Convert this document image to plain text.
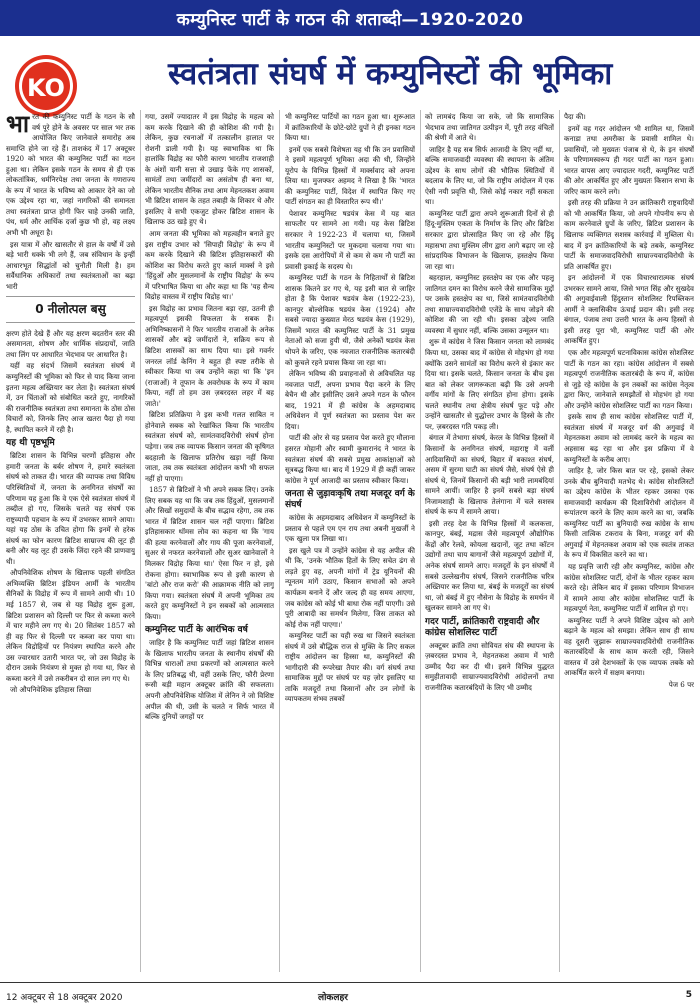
कम्युनिस्ट पार्टी के गठन की शताब्दी—1920-2020
KO	स्वतंत्रता संघर्ष में कम्युनिस्टों की भूमिका

भारत की कम्युनिस्ट पार्टी के गठन के सौ वर्ष पूरे होने के अवसर पर साल भर तक आयोजित किए जानेवाले समारोह अब समाप्ति होने जा रहे हैं। ताशकंद में 17 अक्टूबर 1920 को भारत की कम्युनिस्ट पार्टी का गठन हुआ था। लेकिन इसके गठन के समय से ही एक लोकतांत्रिक, धर्मनिरपेक्ष तथा जनता के गणराज्य के रूप में भारत के भविष्य को आकार देने का जो एक उद्देश्य रहा था, जहां नागरिकों की समानता तथा स्वतंत्रता प्राप्त होगी फिर चाहे उनकी जाति, पंथ, धर्म और आर्थिक दर्जा कुछ भी हो, वह लक्ष्य अभी भी अधूरा है।

इस यात्रा में और खासतौर से हाल के वर्षों में उसे बड़े भारी धक्के भी लगे हैं, जब संविधान के इन्हीं आधारभूत सिद्धांतों को चुनौती मिली है। हम सर्वैधानिक अधिकारों तथा स्वतंत्रताओं का बढ़ा भारी

0 नीलोत्पल बसु

क्षरण होते देखे हैं और यह क्षरण बदतरीन स्तर की असमानता, शोषण और धार्मिक संप्रदायों, जाति तथा लिंग पर आधारित भेदभाव पर आधारित है।

यहीं वह संदर्भ जिसमें स्वतंत्रता संघर्ष में कम्युनिस्टों की भूमिका को फिर से याद किया जाना इतना महत्व अख्तियार कर लेता है। स्वतंत्रता संघर्ष में, उन चिंताओं को संबोधित करते हुए, नागरिकों की राजनीतिक स्वतंत्रता तथा समानता के ठोस ठोस विचारों को, जिनके लिए आज खतरा पैदा हो गया है, स्थापित करने में रही है।

यह थी पृष्ठभूमि

ब्रिटिश शासन के विभिन्न चरणों इतिहास और हमारी जनता के बर्बर शोषण ने, हमारे स्वतंत्रता संघर्ष को ताकत दी। भारत की व्यापक तथा विविध परिस्थितियों में, जनता के अनगिनत संघर्षों का परिणाम यह हुआ कि वे एक ऐसे स्वतंत्रता संघर्ष में तब्दील हो गए, जिसके चलते यह संघर्ष एक राष्ट्रव्यापी पहचान के रूप में उभरकर सामने आया। यहां यह ठोस के उचित होगा कि इनमें से हरेक संघर्ष का फोन कारण ब्रिटिश साम्राज्य की लूट ही बनी और यह लूट ही उसके जिंदा रहने की प्राणवायु थी।

औपनिवेशिक शोषण के खिलाफ पहली संगठित अभिव्यक्ति ब्रिटिश इंडियन आर्मी के भारतीय सैनिकों के विद्रोह में रूप में सामने आयी थी। 10 मई 1857 से, जब से यह विद्रोह शुरू हुआ, ब्रिटिश प्रशासन को दिल्ली पर फिर से कब्जा करने में चार महीने लग गए थे। 20 सितंबर 1857 को ही वह फिर से दिल्ली पर कब्जा कर पाया था। लेकिन विद्रोहियों पर नियंत्रण स्थापित करने और उस ज्वारधार उतारी भारत पर, जो उस विद्रोह के दौरान उसके नियंत्रण से मुक्त हो गया था, फिर से कब्जा करने में उसे तकरीबन दो साल लग गए थे।

जो औपनिवेशिक इतिहास लिखा

गया, उसमें ज्यादातर में इस विद्रोह के महत्व को कम करके दिखाने की ही कोशिश की गयी है। लेकिन, कुछ रचनाओं में तत्कालीन हालात पर रोशनी डाली गयी है। यह स्वाभाविक था कि हालांकि विद्रोह का फौरी कारण भारतीय राजशाही के अंशों यानी सत्ता से उखाड़ फेंके गए शासकों, सामंतों तथा जमींदारों का असंतोष ही बना था, लेकिन भारतीय सैनिक तथा आम मेहनतकश अवाम भी ब्रिटिश शासन के तहत तबाही के शिकार थे और इसलिए वे सभी एकजुट होकर ब्रिटिश शासन के खिलाफ उठ खड़े हुए थे।

आम जनता की भूमिका को महत्वहीन बनाते हुए इस राष्ट्रीय उभार को 'सिपाही विद्रोह' के रूप में कम करके दिखाने की ब्रिटिश इतिहासकारों की कोशिश का विरोध करते हुए कार्ल मार्क्स ने इसे 'हिंदुओं और मुसलमानों के राष्ट्रीय विद्रोह' के रूप में परिभाषित किया था और कहा था कि 'यह सैन्य विद्रोह वास्तव में राष्ट्रीय विद्रोह था।'

इस विद्रोह का प्रभाव जितना बड़ा रहा, उतनी ही महत्वपूर्ण इसकी विफलता के सबक हैं। अभिनिष्कासनों ने फिर भारतीय राजाओं के अनेक शासकों और बड़े जमींदारों ने, सक्रिय रूप से ब्रिटिश शासकों का साथ दिया था। इसे गवर्नर जनरल लॉर्ड केनिंग ने बहुत ही स्पष्ट तरीके से स्वीकार किया था जब उन्होंने कहा था कि 'इन (राजाओं) ने तूफान के अवरोधक के रूप में काम किया, नहीं तो हम उस ज़बरदस्त लहर में बह जाते।'

ब्रिटिश प्रतिक्रिया ने इस कभी गलत साबित न होनेवाले सबक को रेखांकित किया कि भारतीय स्वतंत्रता संघर्ष को, सामंतवादविरोधी संघर्ष होना पड़ेगा। जब तक व्यापक किसान जनता की कृषिगत बदहाली के खिलाफ प्रतिरोध खड़ा नहीं किया जाता, तब तक स्वतंत्रता आंदोलन कभी भी सफल नहीं हो पाएगा।

1857 से ब्रिटिशों ने भी अपने सबक लिए। उनके लिए सबक यह था कि जब तक हिंदुओं, मुसलमानों और सिखों समुदायों के बीच सद्भाव रहेगा, तब तक भारत में ब्रिटिश शासन चल नहीं पाएगा। ब्रिटिश इतिहासकार थॉमस लोव का कहना था कि 'गाय की हत्या करनेवालों और गाय की पूजा करनेवालों, सुअर से नफरत करनेवालों और सुअर खानेवालों ने मिलकर विद्रोह किया था।' ऐसा फिर न हो, इसे रोकना होगा। स्वाभाविक रूप से इसी कारण से 'बांटो और राज करो' की आक्रामक नीति को लागू किया गया। स्वतंत्रता संघर्ष में अपनी भूमिका तय करते हुए कम्युनिस्टों ने इन सबकों को आत्मसात किया।

कम्युनिस्ट पार्टी के आरंभिक वर्ष

जाहिर है कि कम्युनिस्ट पार्टी जहां ब्रिटिश शासन के खिलाफ भारतीय जनता के स्थानीय संघर्षों की विभिन्न धाराओं तथा प्रकरणों को आत्मसात करने के लिए प्रतिबद्ध थी, वहीं उसके लिए, फौरी प्रेरणा रूसी बड़ी महान अक्टूबर क्रांति की सफलता। अपनी औपनिवेशिक योजिश में लेनिन ने जो विशिष्ट अपील की थी, उसी के चलते न सिर्फ भारत में बल्कि दुनियों जगहों पर

भी कम्युनिस्ट पार्टियों का गठन हुआ था। शुरूआत में क्रांतिकारियों के छोटे-छोटे ग्रुपों ने ही इनका गठन किया था।

इनमें एक सबसे विशेषता यह थी कि उन प्रवासियों ने इसमें महत्वपूर्ण भूमिका अदा की थी, जिन्होंने यूरोप के विभिन्न हिस्सों में मार्क्सवाद को अपना लिया था। मुजफ्फर अहमद ने लिखा है कि 'भारत की कम्युनिस्ट पार्टी, विदेश में स्थापित किए गए पार्टी संगठन का ही विस्तारित रूप थी।'

पेशावर कम्युनिस्ट षडयंत्र केस में यह बात साफतौर पर सामने आ गयी। यह केस ब्रिटिश सरकार ने 1922-23 में चलाया था, जिसमें भारतीय कम्युनिस्टों पर मुकदमा चलाया गया था। इसके दस आरोपियों में से कम से कम नौ पार्टी का प्रवासी इकाई के सदस्य थे।

कम्युनिस्ट पार्टी के गठन के निहितार्थों से ब्रिटिश शासक कितने डर गए थे, यह इसी बात से जाहिर होता है कि पेशावर षडयंत्र केस (1922-23), कानपुर बोल्शेविक षडयंत्र केस (1924) और सबसे ज्यादा कुख्यात मेरठ षडयंत्र केस (1929), जिसमें भारत की कम्युनिस्ट पार्टी के 31 प्रमुख नेताओं को सजा हुयी थी, जैसे अनेकों षडयंत्र केस थोपने के जरिए, एक नवजात राजनीतिक कतारबंदी को कुचले रहने प्रयास किया जा रहा था।

लेकिन भविष्य की प्रवाहनाओं से अविचलित यह नवजात पार्टी, अपना प्रभाव पैदा करने के लिए बेचैन थी और इसीलिए उसने अपने गठन के फौरन बाद, 1921 में ही कांग्रेस के अहमदाबाद अधिवेशन में पूर्ण स्वतंत्रता का प्रस्ताव पेश कर दिया।

पार्टी की ओर से यह प्रस्ताव पेश करते हुए मौलाना हसरत मोहानी और स्वामी कुमारानंद ने भारत के स्वतंत्रता संघर्ष की सबसे प्रमुख आकांक्षाओं को सूत्रबद्ध किया था। बाद में 1929 में ही कहीं जाकर कांग्रेस ने पूर्ण आजादी का प्रस्ताव स्वीकार किया।

जनता से जुड़ावःकृषि तथा मजदूर वर्ग के संघर्ष

कांग्रेस के अहमदाबाद अधिवेशन में कम्युनिस्टों के प्रस्ताव से पहले एम एन राय तथा अबनी मुखर्जी ने एक खुला पत्र लिखा था।

इस खुले पत्र में उन्होंने कांग्रेस से यह अपील की थी कि, 'उनके भौतिक हितों के लिए सचेत ढंग से लड़ते हुए वह, अपनी मांगों में ट्रेड यूनियनों की न्यूनतम मांगें उठाए, किसान सभाओं को अपने कार्यक्रम बनाने दें और जल्द ही वह समय आएगा, जब कांग्रेस को कोई भी बाधा रोक नहीं पाएगी। उसे पूरी आबादी का समर्थन मिलेगा, जिस ताकत को कोई रोक नहीं पाएगा।'

कम्युनिस्ट पार्टी का यही रुख था जिसने स्वतंत्रता संघर्ष में उसे बौद्धिक राज से मुक्ति के लिए सकल राष्ट्रीय आंदोलन का हिस्सा था, कम्युनिस्टों की भागीदारी की रूपरेखा तैयार की। वर्ग संघर्ष तथा सामाजिक मुद्दों पर संघर्ष पर यह ज़ोर इसलिए था ताकि मजदूरों तथा किसानों और उन लोगों के व्यापकतम संभव तबकों

को लामबंद किया जा सके, जो कि सामाजिक भेदभाव तथा जातिगत उत्पीड़न में, पूरी तरह वंचितों की श्रेणी में आते थे।

जाहिर है यह सब सिर्फ आजादी के लिए नहीं था, बल्कि समाजवादी व्यवस्था की स्थापना के अंतिम उद्देश्य के साथ लोगों की भौतिक स्थितियों में बदलाव के लिए था, जो कि राष्ट्रीय आंदोलन में एक ऐसी नयी प्रवृत्ति थी, जिसे कोई नकार नहीं सकता था।

कम्युनिस्ट पार्टी द्वारा अपने शुरूआती दिनों से ही हिंदू-मुस्लिम एकता के निर्माण के लिए और ब्रिटिश सरकार द्वारा प्रोत्साहित किए जा रहे और हिंदू महासभा तथा मुस्लिम लीग द्वारा आगे बढ़ाए जा रहे सांप्रदायिक विभाजन के खिलाफ, हस्तक्षेप किया जा रहा था।

बहरहाल, कम्युनिस्ट हस्तक्षेप का एक और पहलू जातिगत दमन का विरोध करने जैसे सामाजिक मुद्दों पर उसके हस्तक्षेप का था, जिसे सामंतवादविरोधी तथा साम्राज्यवादविरोधी एजेंडे के साथ जोड़ने की कोशिश की जा रही थी। इसका उद्देश्य जाति व्यवस्था में सुधार नहीं, बल्कि उसका उन्मूलन था।

शुरू में कांग्रेस ने जिस किसान जनता को लामबंद किया था, उसका बाद में कांग्रेस से मोहभंग हो गया क्योंकि उसने सामंतों का विरोध करने से इंकार कर दिया था। इसके चलते, किसान जनता के बीच इस बात को लेकर जागरूकता बढ़ी कि उसे अपनी वर्गीय मांगों के लिए संगठित होना होगा। इसके चलते स्थानीय तथा क्षेत्रीय संघर्ष फूट पड़े और उन्होंने खासतौर से युद्धोत्तर उभार के हिस्से के तौर पर, ज़बरदस्त गति पकड़ ली।

बंगाल में तेभागा संघर्ष, केरल के विभिन्न हिस्सों में किसानों के अनगिनत संघर्ष, महाराष्ट्र में वर्ली आदिवासियों का संघर्ष, बिहार में बकाश्त संघर्ष, असम में सुरमा घाटी का संघर्ष जैसे, संघर्ष ऐसे ही संघर्ष थे, जिनमें किसानों की बड़ी भारी लामबंदियां सामने आयीं। जाहिर है इनमें सबसे बड़ा संघर्ष निजामशाही के खिलाफ तेलंगाना में चले सशस्त्र संघर्ष के रूप में सामने आया।

इसी तरह देश के विभिन्न हिस्सों में कलकत्ता, कानपुर, बंबई, मद्रास जैसे महत्वपूर्ण औद्योगिक केंद्रों और रेलवे, कोयला खदानों, जूट तथा कॉटन उद्योगों तथा चाय बागानों जैसे महत्वपूर्ण उद्योगों में, अनेक संघर्ष सामने आए। मजदूरों के इन संघर्षों में सबसे उल्लेखनीय संघर्ष, जिसने राजनीतिक चरित्र अख्तियार कर लिया था, बंबई के मजदूरों का संघर्ष था, जो बंबई में हुए नौसेना के विद्रोह के समर्थन में खुलकर सामने आ गए थे।

गदर पार्टी, क्रांतिकारी राष्ट्रवादी और कांग्रेस सोशलिस्ट पार्टी

अक्टूबर क्रांति तथा सोवियत संघ की स्थापना के ज़बरदस्त प्रभाव ने, मेहनतकश अवाम में भारी उम्मीद पैदा कर दी थी। इसने विभिन्न युद्धरत समुहीतावादी साम्राज्यवादविरोधी आंदोलनों तथा राजनीतिक कतारबंदियों के लिए भी उम्मीद

पैदा की।

इनमें वह गदर आंदोलन भी शामिल था, जिसमें कनाडा तथा अमरीका के प्रवासी शामिल थे। प्रवासियों, जो मुख्यतः पंजाब से थे, के इन संघर्षों के परिणामस्वरूप ही गदर पार्टी का गठन हुआ। भारत वापस आए ज्यादातर गदरी, कम्युनिस्ट पार्टी की ओर आकर्षित हुए और मुख्यतः किसान सभा के जरिए काम करने लगे।

इसी तरह की प्रक्रिया ने उन क्रांतिकारी राष्ट्रवादियों को भी आकर्षित किया, जो अपने गोपनीय रूप से काम करनेवाले ग्रुपों के जरिए, ब्रिटिश प्रशासन के खिलाफ व्यक्तिगत सशस्त्र कार्रवाई में मुब्तिला थे। बाद में इन क्रांतिकारियों के बड़े तबके, कम्युनिस्ट पार्टी के समाजवादविरोधी साम्राज्यवादविरोधी के प्रति आकर्षित हुए।

इन आंदोलनों में एक विचारधारात्मक संघर्ष उभरकर सामने आया, जिसे भगत सिंह और सुखदेव की अगुवाईवाली हिंदुस्तान सोशलिस्ट रिपब्लिकन आर्मी ने क्लासिकीय ऊंचाई प्रदान की। इसी तरह बंगाल, पंजाब तथा उत्तरी भारत के अन्य हिस्सों से इसी तरह पूरा भी, कम्युनिस्ट पार्टी की ओर आकर्षित हुए।

एक और महत्वपूर्ण घटनाविकास कांग्रेस सोशलिस्ट पार्टी के गठन का रहा। कांग्रेस आंदोलन में सबसे महत्वपूर्ण राजनीतिक कतारबंदी के रूप में, कांग्रेस से जुड़े रहे कांग्रेस के इन तबकों का कांग्रेस नेतृत्व द्वारा किए, जानेवाले समझौतों से मोहभंग हो गया और उन्होंने कांग्रेस सोशलिस्ट पार्टी का गठन किया।

इसके साथ ही साथ कांग्रेस सोशलिस्ट पार्टी में, स्वतंत्रता संघर्ष में मजदूर वर्ग की अगुवाई में मेहनतकश अवाम को लामबंद करने के महत्व का अहसास बढ़ रहा था और इस प्रक्रिया में वे कम्युनिस्टों के करीब आए।

जाहिर है, जोर किस बात पर रहे, इसको लेकर उनके बीच बुनियादी मतभेद थे। कांग्रेस सोशलिस्टों का उद्देश्य कांग्रेस के भीतर रहकर उसका एक समाजवादी कार्यक्रम की दिशाविरोधी आंदोलन में रूपांतरण करने के लिए काम करने का था, जबकि कम्युनिस्ट पार्टी का बुनियादी रुख कांग्रेस के साथ किसी तात्विक टकराव के बिना, मजदूर वर्ग की अगुवाई में मेहनतकश अवाम को एक स्वतंत्र ताकत के रूप में विकसित करने का था।

यह प्रवृत्ति जारी रही और कम्युनिस्ट, कांग्रेस और कांग्रेस सोशलिस्ट पार्टी, दोनों के भीतर रहकर काम करते रहे। लेकिन बाद में इसका परिणाम विभाजन में सामने आया और कांग्रेस सोशलिस्ट पार्टी के महत्वपूर्ण नेता, कम्युनिस्ट पार्टी में शामिल हो गए।

कम्युनिस्ट पार्टी ने अपने विशिष्ट उद्देश्य को आगे बढ़ाने के महत्व को समझा। लेकिन साथ ही साथ वह दूसरी जुझारू साम्राज्यवादविरोधी राजनीतिक कतारबंदियों के साथ काम करती रही, जिसने वास्तव में उसे देशभक्तों के एक व्यापक तबके को आकर्षित करने में सक्षम बनाया।

पेज 6 पर

12 अक्टूबर से 18 अक्टूबर 2020	लोकलहर	5
